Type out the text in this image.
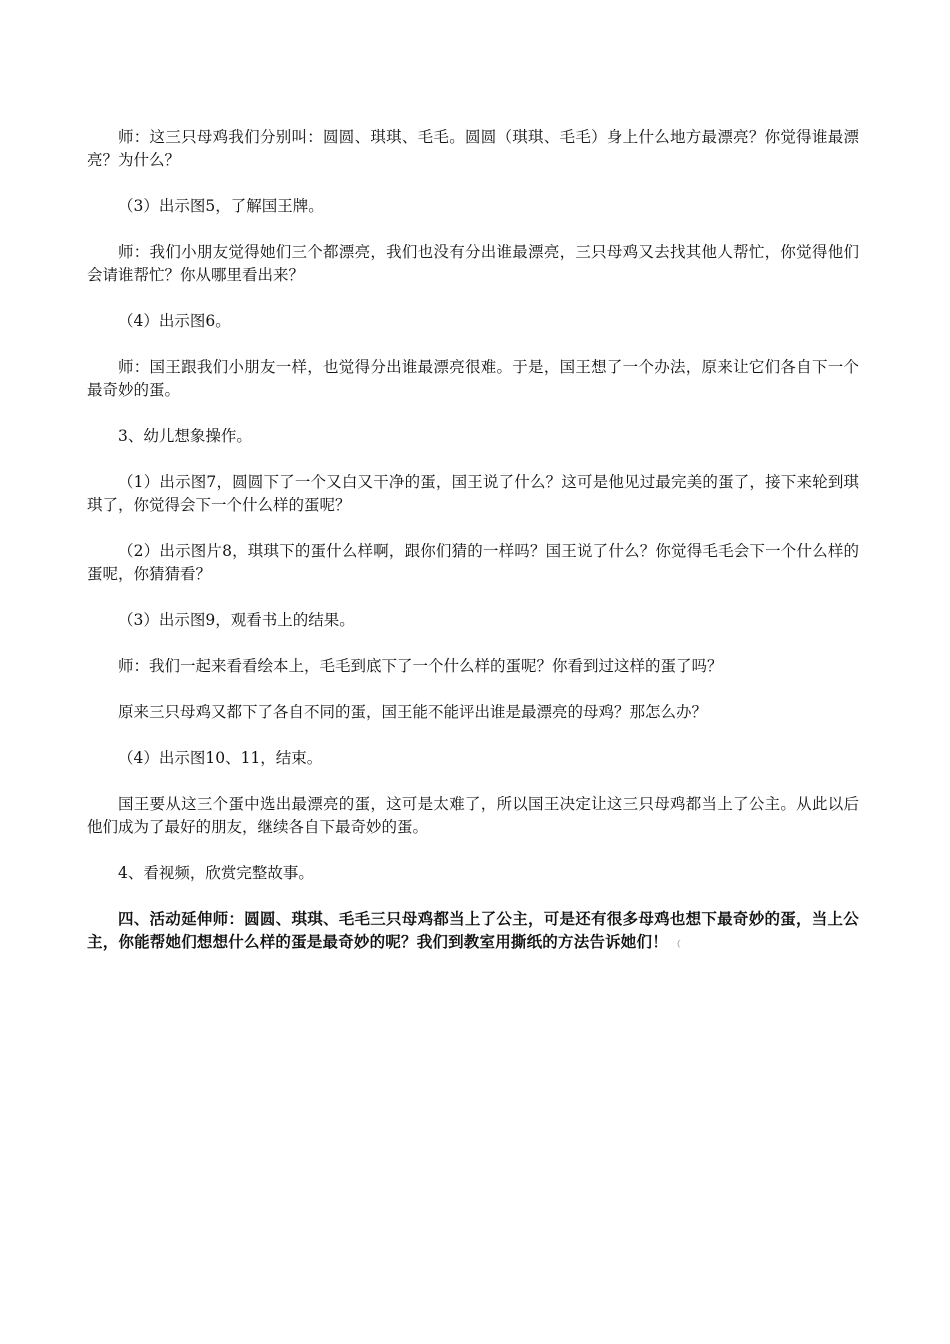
师：这三只母鸡我们分别叫：圆圆、琪琪、毛毛。圆圆（琪琪、毛毛）身上什么地方最漂亮？你觉得谁最漂亮？为什么？

（3）出示图5，了解国王牌。

师：我们小朋友觉得她们三个都漂亮，我们也没有分出谁最漂亮，三只母鸡又去找其他人帮忙，你觉得他们会请谁帮忙？你从哪里看出来？

（4）出示图6。

师：国王跟我们小朋友一样，也觉得分出谁最漂亮很难。于是，国王想了一个办法，原来让它们各自下一个最奇妙的蛋。

3、幼儿想象操作。

（1）出示图7，圆圆下了一个又白又干净的蛋，国王说了什么？这可是他见过最完美的蛋了，接下来轮到琪琪了，你觉得会下一个什么样的蛋呢？

（2）出示图片8，琪琪下的蛋什么样啊，跟你们猜的一样吗？国王说了什么？你觉得毛毛会下一个什么样的蛋呢，你猜猜看？

（3）出示图9，观看书上的结果。

师：我们一起来看看绘本上，毛毛到底下了一个什么样的蛋呢？你看到过这样的蛋了吗？

原来三只母鸡又都下了各自不同的蛋，国王能不能评出谁是最漂亮的母鸡？那怎么办？

（4）出示图10、11，结束。

国王要从这三个蛋中选出最漂亮的蛋，这可是太难了，所以国王决定让这三只母鸡都当上了公主。从此以后他们成为了最好的朋友，继续各自下最奇妙的蛋。

4、看视频，欣赏完整故事。

四、活动延伸师：圆圆、琪琪、毛毛三只母鸡都当上了公主，可是还有很多母鸡也想下最奇妙的蛋，当上公主，你能帮她们想想什么样的蛋是最奇妙的呢？我们到教室用撕纸的方法告诉她们！ （
